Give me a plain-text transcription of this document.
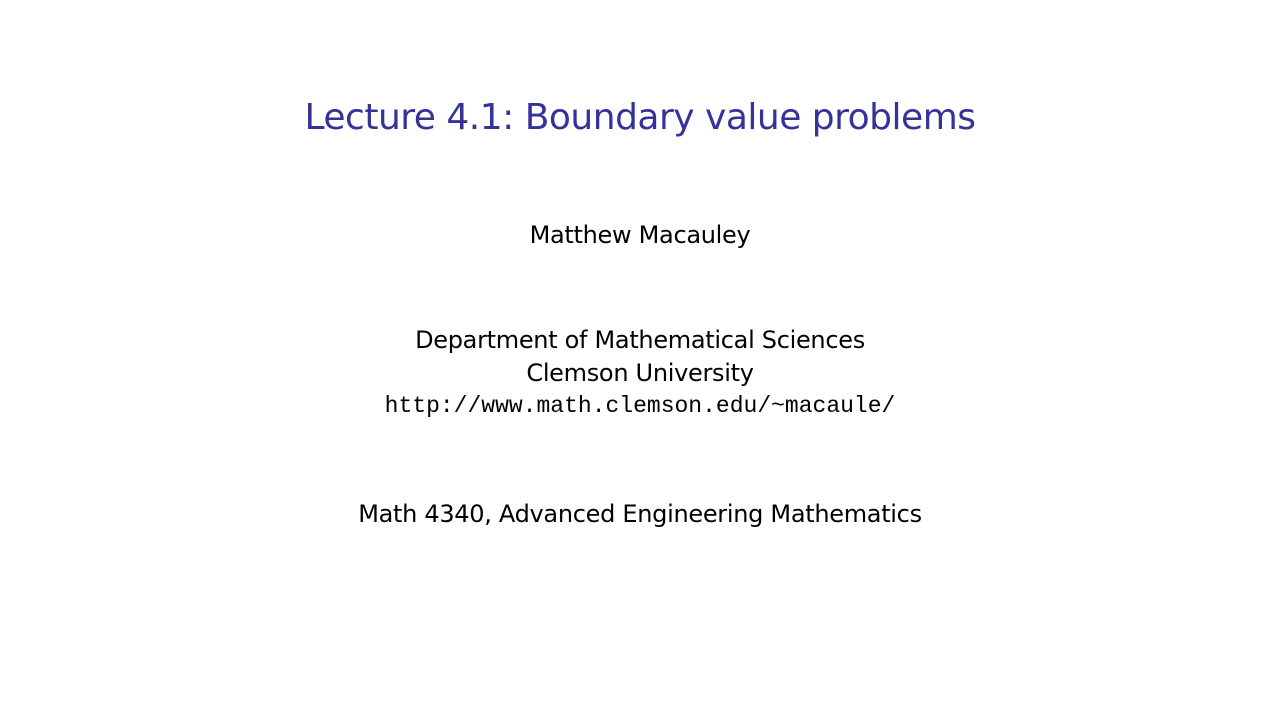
Lecture 4.1: Boundary value problems
Matthew Macauley
Department of Mathematical Sciences
Clemson University
http://www.math.clemson.edu/~macaule/
Math 4340, Advanced Engineering Mathematics
